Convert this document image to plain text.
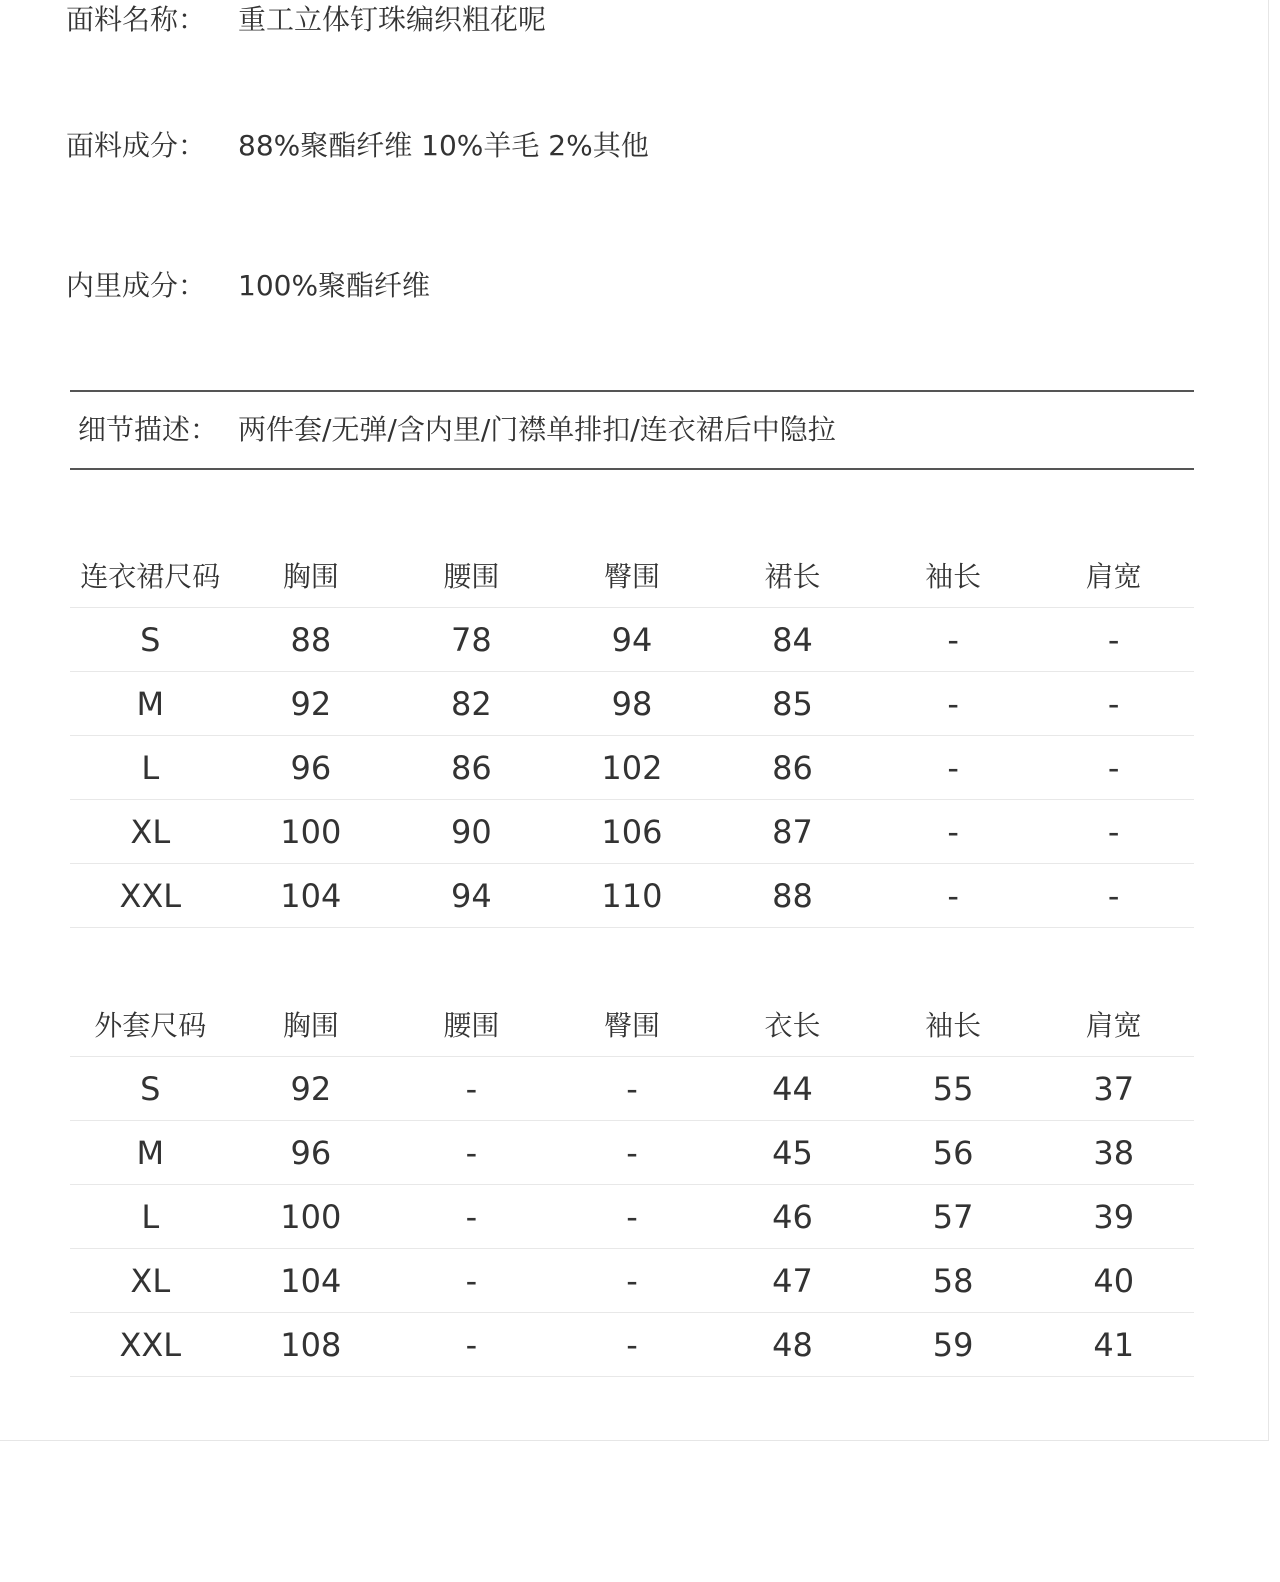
面料名称： 重工立体钉珠编织粗花呢
面料成分： 88%聚酯纤维 10%羊毛 2%其他
内里成分： 100%聚酯纤维
细节描述： 两件套/无弹/含内里/门襟单排扣/连衣裙后中隐拉
连衣裙尺码	胸围	腰围	臀围	裙长	袖长	肩宽
S	88	78	94	84	-	-
M	92	82	98	85	-	-
L	96	86	102	86	-	-
XL	100	90	106	87	-	-
XXL	104	94	110	88	-	-
外套尺码	胸围	腰围	臀围	衣长	袖长	肩宽
S	92	-	-	44	55	37
M	96	-	-	45	56	38
L	100	-	-	46	57	39
XL	104	-	-	47	58	40
XXL	108	-	-	48	59	41
